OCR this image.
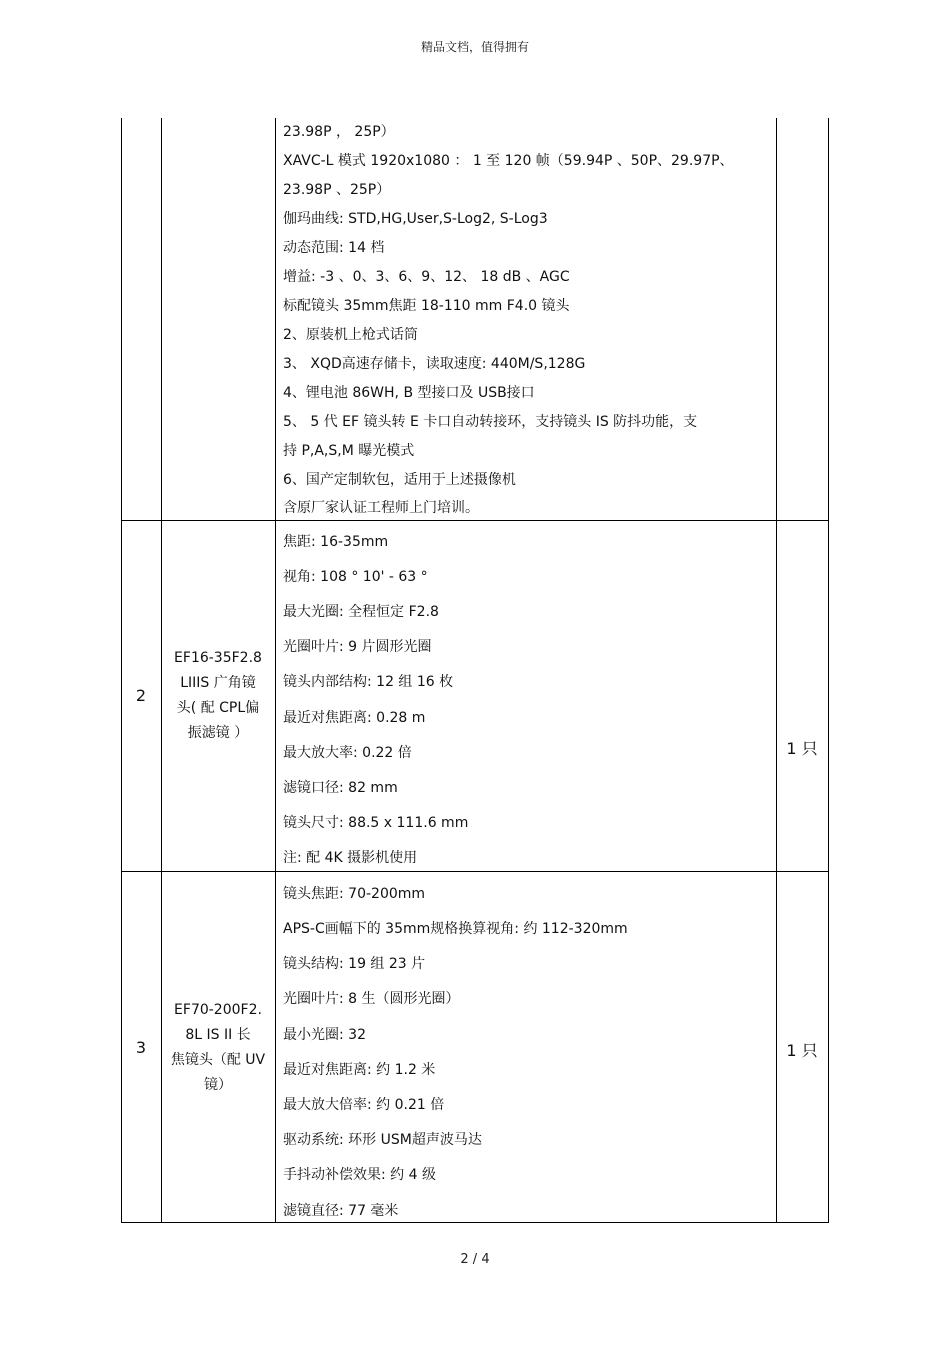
精品文档，值得拥有
23.98P ， 25P）
XAVC-L 模式 1920x1080 ： 1 至 120 帧（59.94P 、50P、29.97P、
23.98P 、25P）
伽玛曲线: STD,HG,User,S-Log2, S-Log3
动态范围: 14 档
增益: -3 、0、3、6、9、12、 18 dB 、AGC
标配镜头 35mm焦距 18-110 mm F4.0 镜头
2、原装机上枪式话筒
3、 XQD高速存储卡，读取速度: 440M/S,128G
4、锂电池 86WH, B 型接口及 USB接口
5、 5 代 EF 镜头转 E 卡口自动转接环，支持镜头 IS 防抖功能，支
持 P,A,S,M 曝光模式
6、国产定制软包，适用于上述摄像机
含原厂家认证工程师上门培训。
2
EF16-35F2.8
LIIIS 广角镜
头( 配 CPL偏
振滤镜 ）
焦距: 16-35mm
视角: 108 ° 10' - 63 °
最大光圈: 全程恒定 F2.8
光圈叶片: 9 片圆形光圈
镜头内部结构: 12 组 16 枚
最近对焦距离: 0.28 m
最大放大率: 0.22 倍
滤镜口径: 82 mm
镜头尺寸: 88.5 x 111.6 mm
注: 配 4K 摄影机使用
1 只
3
EF70-200F2.
8L IS II 长
焦镜头（配 UV
镜）
镜头焦距: 70-200mm
APS-C画幅下的 35mm规格换算视角: 约 112-320mm
镜头结构: 19 组 23 片
光圈叶片: 8 生（圆形光圈）
最小光圈: 32
最近对焦距离: 约 1.2 米
最大放大倍率: 约 0.21 倍
驱动系统: 环形 USM超声波马达
手抖动补偿效果: 约 4 级
滤镜直径: 77 毫米
1 只
2 / 4
